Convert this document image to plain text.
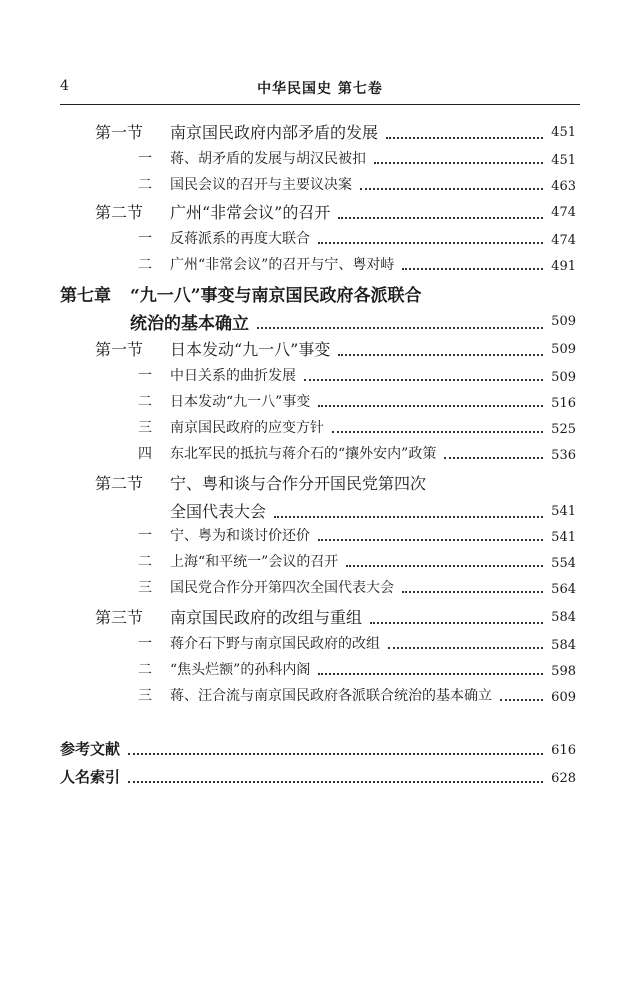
4	中华民国史 第七卷
第一节 南京国民政府内部矛盾的发展	451
一 蒋、胡矛盾的发展与胡汉民被扣	451
二 国民会议的召开与主要议决案	463
第二节 广州“非常会议”的召开	474
一 反蒋派系的再度大联合	474
二 广州“非常会议”的召开与宁、粤对峙	491
第七章 “九一八”事变与南京国民政府各派联合
统治的基本确立	509
第一节 日本发动“九一八”事变	509
一 中日关系的曲折发展	509
二 日本发动“九一八”事变	516
三 南京国民政府的应变方针	525
四 东北军民的抵抗与蒋介石的“攘外安内”政策	536
第二节 宁、粤和谈与合作分开国民党第四次
全国代表大会	541
一 宁、粤为和谈讨价还价	541
二 上海“和平统一”会议的召开	554
三 国民党合作分开第四次全国代表大会	564
第三节 南京国民政府的改组与重组	584
一 蒋介石下野与南京国民政府的改组	584
二 “焦头烂额”的孙科内阁	598
三 蒋、汪合流与南京国民政府各派联合统治的基本确立	609
参考文献	616
人名索引	628
